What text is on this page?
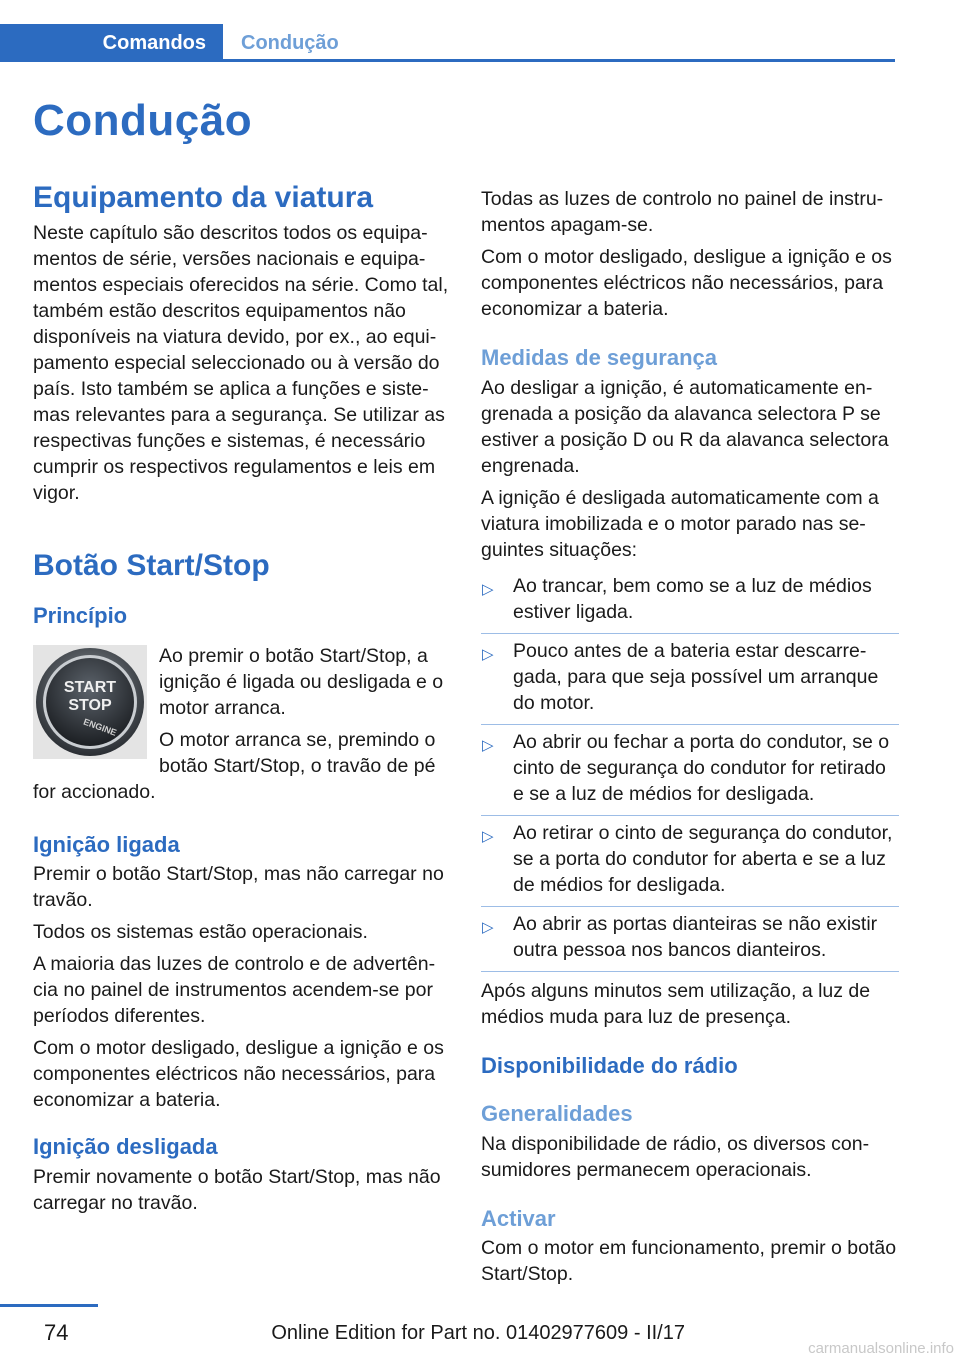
Comandos	Condução
Condução
Equipamento da viatura

Neste capítulo são descritos todos os equipamentos de série, versões nacionais e equipamentos especiais oferecidos na série. Como tal, também estão descritos equipamentos não disponíveis na viatura devido, por ex., ao equipamento especial seleccionado ou à versão do país. Isto também se aplica a funções e sistemas relevantes para a segurança. Se utilizar as respectivas funções e sistemas, é necessário cumprir os respectivos regulamentos e leis em vigor.

Botão Start/Stop
Princípio
START
STOP
ENGINE

Ao premir o botão Start/Stop, a ignição é ligada ou desligada e o motor arranca.

O motor arranca se, premindo o botão Start/Stop, o travão de pé for accionado.

Ignição ligada

Premir o botão Start/Stop, mas não carregar no travão.

Todos os sistemas estão operacionais.

A maioria das luzes de controlo e de advertência no painel de instrumentos acendem-se por períodos diferentes.

Com o motor desligado, desligue a ignição e os componentes eléctricos não necessários, para economizar a bateria.

Ignição desligada

Premir novamente o botão Start/Stop, mas não carregar no travão.

Todas as luzes de controlo no painel de instrumentos apagam-se.

Com o motor desligado, desligue a ignição e os componentes eléctricos não necessários, para economizar a bateria.

Medidas de segurança

Ao desligar a ignição, é automaticamente engrenada a posição da alavanca selectora P se estiver a posição D ou R da alavanca selectora engrenada.

A ignição é desligada automaticamente com a viatura imobilizada e o motor parado nas seguintes situações:

▷ Ao trancar, bem como se a luz de médios estiver ligada.
▷ Pouco antes de a bateria estar descarregada, para que seja possível um arranque do motor.
▷ Ao abrir ou fechar a porta do condutor, se o cinto de segurança do condutor for retirado e se a luz de médios for desligada.
▷ Ao retirar o cinto de segurança do condutor, se a porta do condutor for aberta e se a luz de médios for desligada.
▷ Ao abrir as portas dianteiras se não existir outra pessoa nos bancos dianteiros.

Após alguns minutos sem utilização, a luz de médios muda para luz de presença.

Disponibilidade do rádio
Generalidades

Na disponibilidade de rádio, os diversos consumidores permanecem operacionais.

Activar

Com o motor em funcionamento, premir o botão Start/Stop.

74	Online Edition for Part no. 01402977609 - II/17
carmanualsonline.info
